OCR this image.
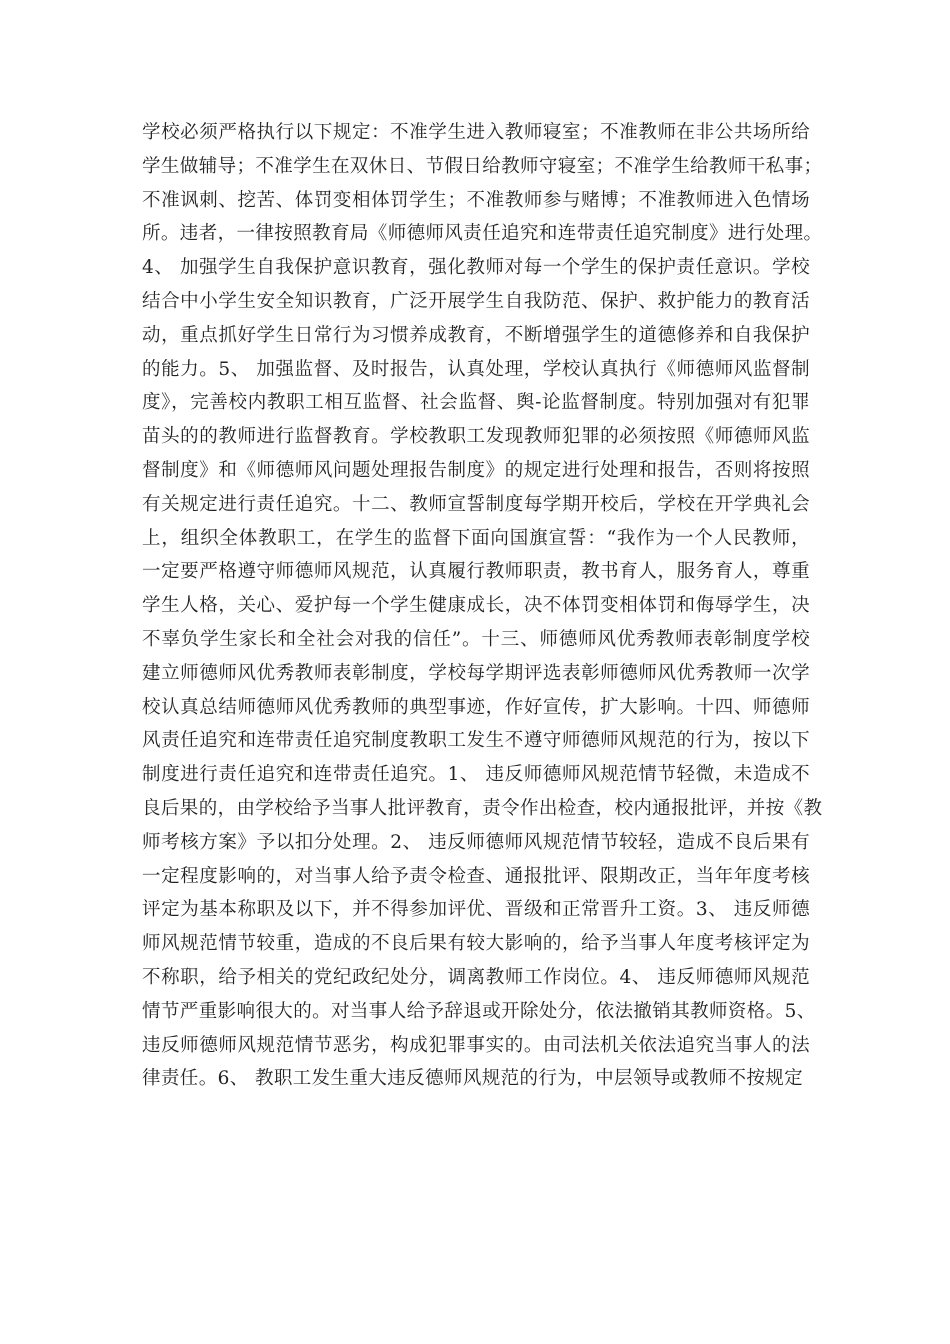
学校必须严格执行以下规定：不准学生进入教师寝室；不准教师在非公共场所给
学生做辅导；不准学生在双休日、节假日给教师守寝室；不准学生给教师干私事；
不准讽刺、挖苦、体罚变相体罚学生；不准教师参与赌博；不准教师进入色情场
所。违者，一律按照教育局《师德师风责任追究和连带责任追究制度》进行处理。
4、 加强学生自我保护意识教育，强化教师对每一个学生的保护责任意识。学校
结合中小学生安全知识教育，广泛开展学生自我防范、保护、救护能力的教育活
动，重点抓好学生日常行为习惯养成教育，不断增强学生的道德修养和自我保护
的能力。5、 加强监督、及时报告，认真处理，学校认真执行《师德师风监督制
度》，完善校内教职工相互监督、社会监督、舆-论监督制度。特别加强对有犯罪
苗头的的教师进行监督教育。学校教职工发现教师犯罪的必须按照《师德师风监
督制度》和《师德师风问题处理报告制度》的规定进行处理和报告，否则将按照
有关规定进行责任追究。十二、教师宣誓制度每学期开校后，学校在开学典礼会
上，组织全体教职工，在学生的监督下面向国旗宣誓：“我作为一个人民教师，
一定要严格遵守师德师风规范，认真履行教师职责，教书育人，服务育人，尊重
学生人格，关心、爱护每一个学生健康成长，决不体罚变相体罚和侮辱学生，决
不辜负学生家长和全社会对我的信任”。十三、师德师风优秀教师表彰制度学校
建立师德师风优秀教师表彰制度，学校每学期评选表彰师德师风优秀教师一次学
校认真总结师德师风优秀教师的典型事迹，作好宣传，扩大影响。十四、师德师
风责任追究和连带责任追究制度教职工发生不遵守师德师风规范的行为，按以下
制度进行责任追究和连带责任追究。1、 违反师德师风规范情节轻微，未造成不
良后果的，由学校给予当事人批评教育，责令作出检查，校内通报批评，并按《教
师考核方案》予以扣分处理。2、 违反师德师风规范情节较轻，造成不良后果有
一定程度影响的，对当事人给予责令检查、通报批评、限期改正，当年年度考核
评定为基本称职及以下，并不得参加评优、晋级和正常晋升工资。3、 违反师德
师风规范情节较重，造成的不良后果有较大影响的，给予当事人年度考核评定为
不称职，给予相关的党纪政纪处分，调离教师工作岗位。4、 违反师德师风规范
情节严重影响很大的。对当事人给予辞退或开除处分，依法撤销其教师资格。5、
违反师德师风规范情节恶劣，构成犯罪事实的。由司法机关依法追究当事人的法
律责任。6、 教职工发生重大违反德师风规范的行为，中层领导或教师不按规定
